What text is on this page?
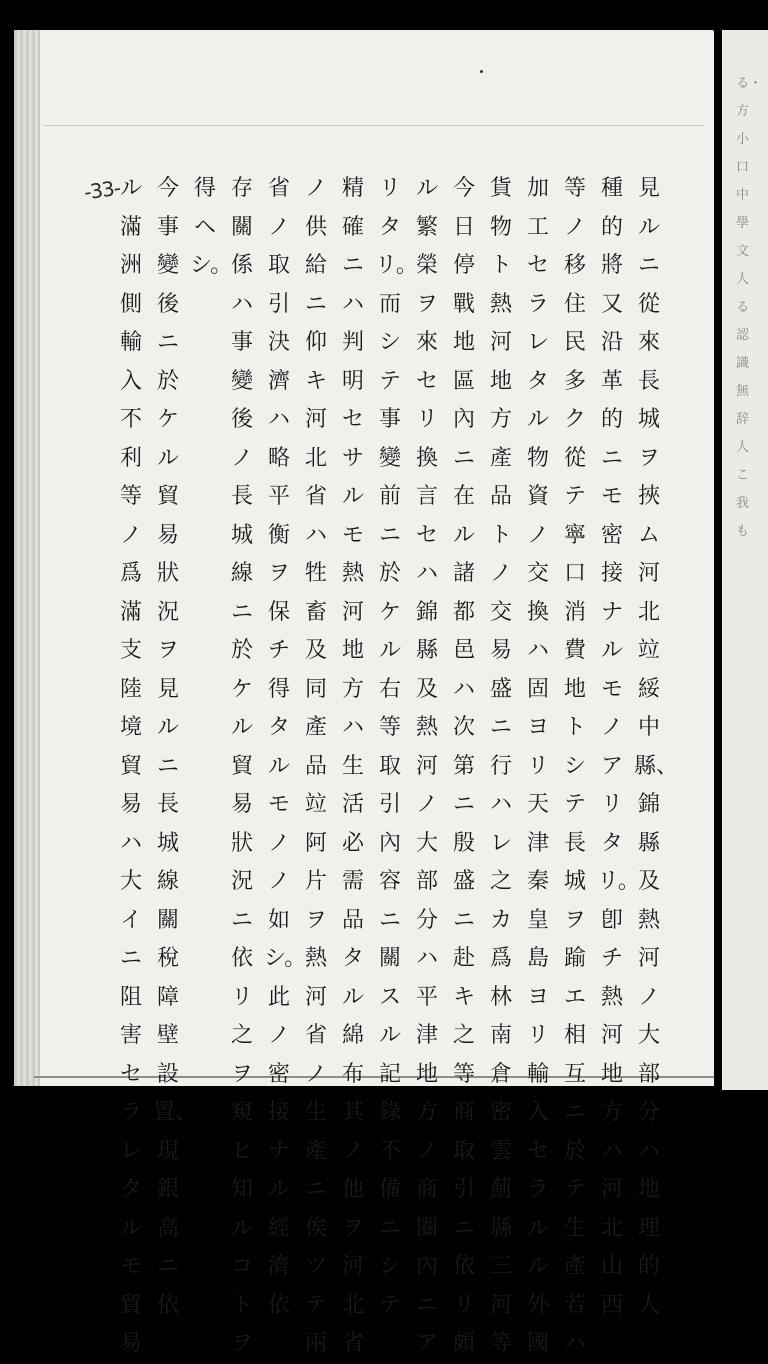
る・方小口中學文人る認識無辞人こ我も
-33-	見ルニ從來長城ヲ挾ム河北竝綏中縣、錦縣及熱河ノ大部分ハ地理的人
種的將又沿革的ニモ密接ナルモノアリタリ。卽チ熱河地方ハ河北山西
等ノ移住民多ク從テ寧口消費地トシテ長城ヲ踰エ相互ニ於テ生產若ハ
加工セラレタル物資ノ交換ハ固ヨリ天津秦皇島ヨリ輸入セラルル外國
貨物ト熱河地方產品トノ交易盛ニ行ハレ之カ爲林南倉密雲薊縣三河等
今日停戰地區內ニ在ル諸都邑ハ次第ニ殷盛ニ赴キ之等商取引ニ依リ頗
ル繁榮ヲ來セリ換言セハ錦縣及熱河ノ大部分ハ平津地方ノ商圈內ニア
リタリ。而シテ事變前ニ於ケル右等取引內容ニ關スル記錄不備ニシテ
精確ニハ判明セサルモ熱河地方ハ生活必需品タル綿布其ノ他ヲ河北省
ノ供給ニ仰キ河北省ハ牲畜及同產品竝阿片ヲ熱河省ノ生產ニ俟ツテ兩
省ノ取引決濟ハ略平衡ヲ保チ得タルモノノ如シ。此ノ密接ナル經濟依
存關係ハ事變後ノ長城線ニ於ケル貿易狀況ニ依リ之ヲ窺ヒ知ルコトヲ
得ヘシ。
今事變後ニ於ケル貿易狀況ヲ見ルニ長城線關稅障壁設置、現銀高ニ依
ル滿洲側輸入不利等ノ爲滿支陸境貿易ハ大イニ阻害セラレタルモ貿易
